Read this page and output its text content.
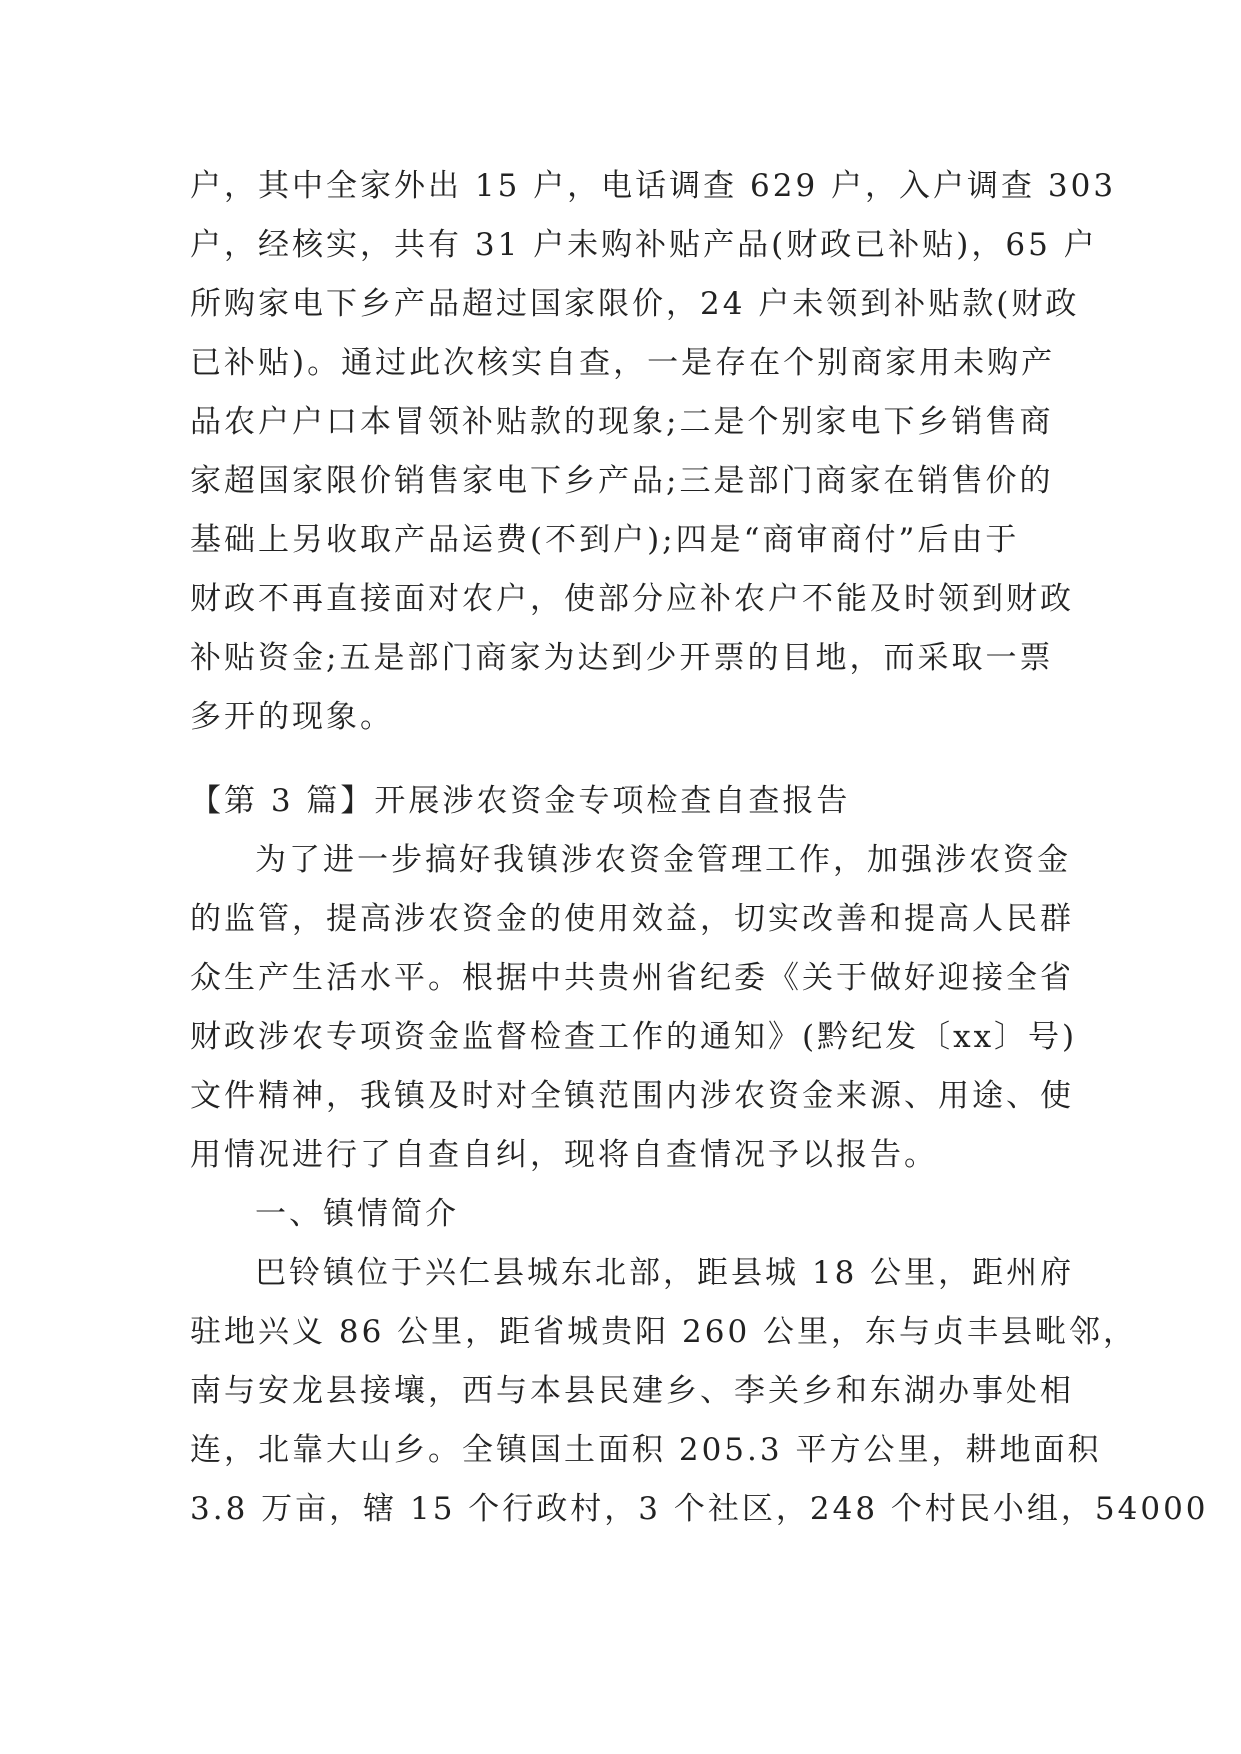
户，其中全家外出 15 户，电话调查 629 户，入户调查 303
户，经核实，共有 31 户未购补贴产品(财政已补贴)，65 户
所购家电下乡产品超过国家限价，24 户未领到补贴款(财政
已补贴)。通过此次核实自查，一是存在个别商家用未购产
品农户户口本冒领补贴款的现象;二是个别家电下乡销售商
家超国家限价销售家电下乡产品;三是部门商家在销售价的
基础上另收取产品运费(不到户);四是“商审商付”后由于
财政不再直接面对农户，使部分应补农户不能及时领到财政
补贴资金;五是部门商家为达到少开票的目地，而采取一票
多开的现象。
【第 3 篇】开展涉农资金专项检查自查报告
为了进一步搞好我镇涉农资金管理工作，加强涉农资金
的监管，提高涉农资金的使用效益，切实改善和提高人民群
众生产生活水平。根据中共贵州省纪委《关于做好迎接全省
财政涉农专项资金监督检查工作的通知》(黔纪发〔xx〕号)
文件精神，我镇及时对全镇范围内涉农资金来源、用途、使
用情况进行了自查自纠，现将自查情况予以报告。
一、镇情简介
巴铃镇位于兴仁县城东北部，距县城 18 公里，距州府
驻地兴义 86 公里，距省城贵阳 260 公里，东与贞丰县毗邻，
南与安龙县接壤，西与本县民建乡、李关乡和东湖办事处相
连，北靠大山乡。全镇国土面积 205.3 平方公里，耕地面积
3.8 万亩，辖 15 个行政村，3 个社区，248 个村民小组，54000
